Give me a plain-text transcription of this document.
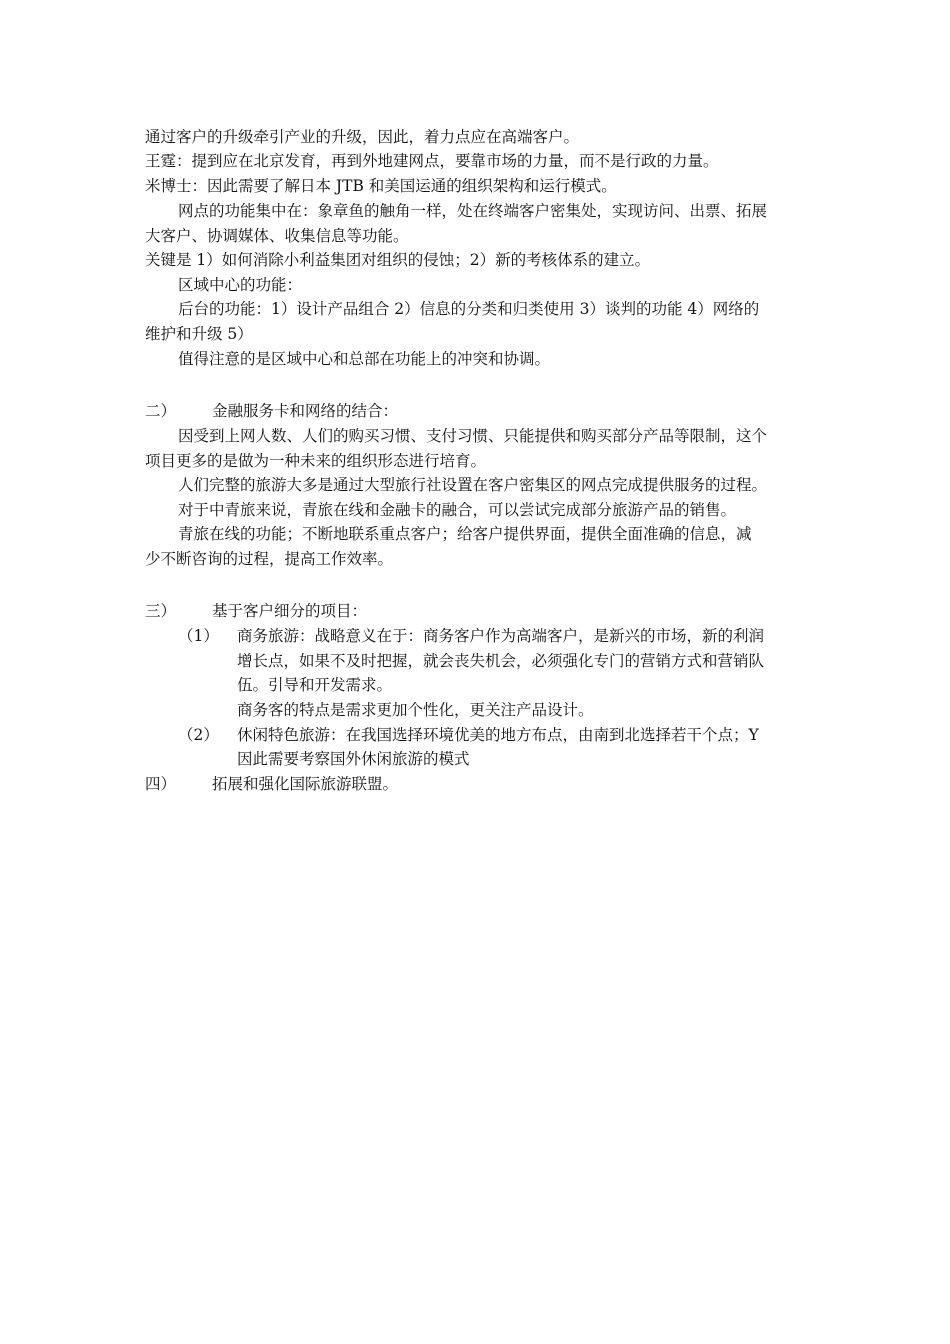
通过客户的升级牵引产业的升级，因此，着力点应在高端客户。
王霆：提到应在北京发育，再到外地建网点，要靠市场的力量，而不是行政的力量。
米博士：因此需要了解日本 JTB 和美国运通的组织架构和运行模式。
网点的功能集中在：象章鱼的触角一样，处在终端客户密集处，实现访问、出票、拓展
大客户、协调媒体、收集信息等功能。
关键是 1）如何消除小利益集团对组织的侵蚀；2）新的考核体系的建立。
区域中心的功能：
后台的功能：1）设计产品组合 2）信息的分类和归类使用 3）谈判的功能 4）网络的
维护和升级 5）
值得注意的是区域中心和总部在功能上的冲突和协调。
二） 金融服务卡和网络的结合：
因受到上网人数、人们的购买习惯、支付习惯、只能提供和购买部分产品等限制，这个
项目更多的是做为一种未来的组织形态进行培育。
人们完整的旅游大多是通过大型旅行社设置在客户密集区的网点完成提供服务的过程。
对于中青旅来说，青旅在线和金融卡的融合，可以尝试完成部分旅游产品的销售。
青旅在线的功能；不断地联系重点客户；给客户提供界面，提供全面准确的信息，减
少不断咨询的过程，提高工作效率。
三） 基于客户细分的项目：
（1） 商务旅游：战略意义在于：商务客户作为高端客户，是新兴的市场，新的利润
增长点，如果不及时把握，就会丧失机会，必须强化专门的营销方式和营销队
伍。引导和开发需求。
商务客的特点是需求更加个性化，更关注产品设计。
（2） 休闲特色旅游：在我国选择环境优美的地方布点，由南到北选择若干个点；Y
因此需要考察国外休闲旅游的模式
四） 拓展和强化国际旅游联盟。
